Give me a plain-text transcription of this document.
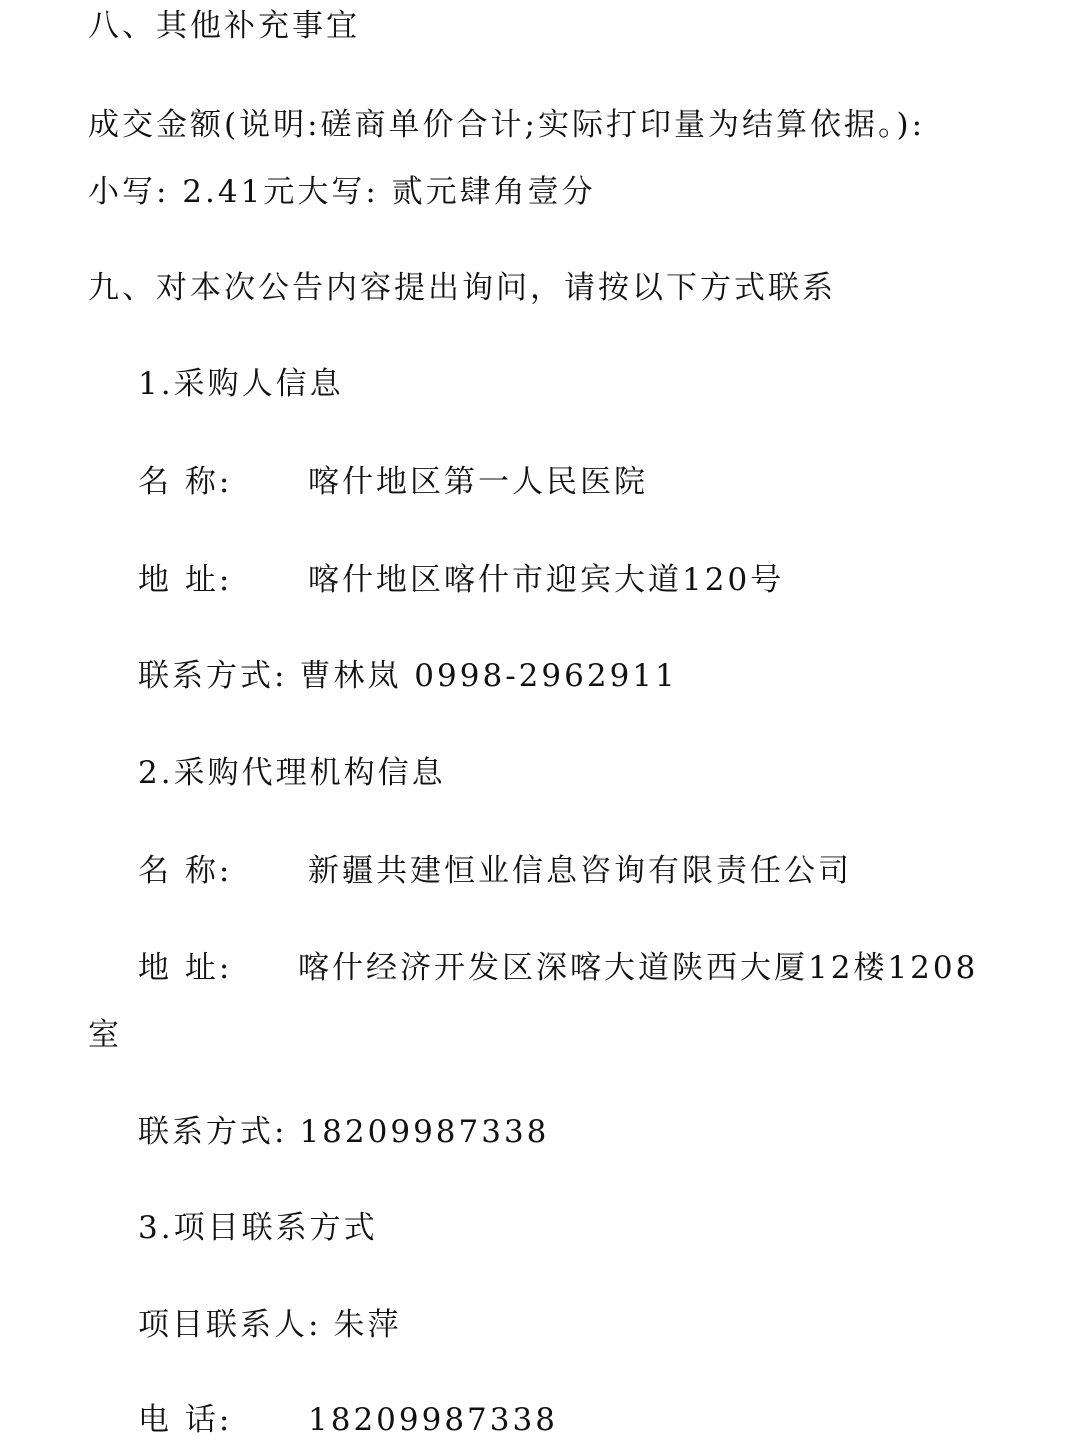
八、其他补充事宜
成交金额(说明:磋商单价合计;实际打印量为结算依据。):
小写: 2.41元大写: 贰元肆角壹分
九、对本次公告内容提出询问，请按以下方式联系
1.采购人信息
名 称: 喀什地区第一人民医院
地 址: 喀什地区喀什市迎宾大道120号
联系方式: 曹林岚 0998-2962911
2.采购代理机构信息
名 称: 新疆共建恒业信息咨询有限责任公司
地 址: 喀什经济开发区深喀大道陕西大厦12楼1208
室
联系方式: 18209987338
3.项目联系方式
项目联系人: 朱萍
电 话: 18209987338
